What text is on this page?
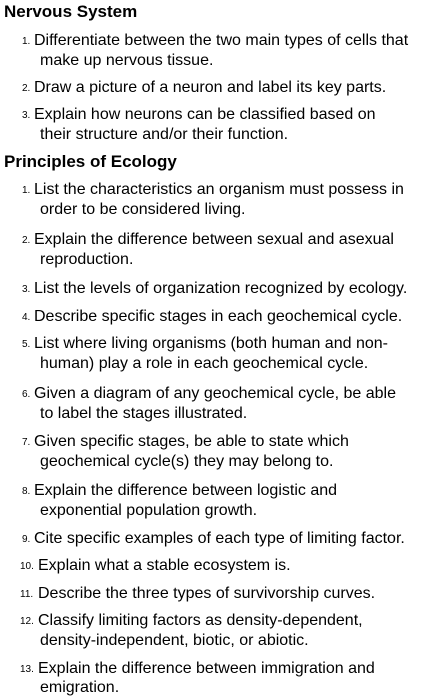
Nervous System
1. Differentiate between the two main types of cells that
make up nervous tissue.
2. Draw a picture of a neuron and label its key parts.
3. Explain how neurons can be classified based on
their structure and/or their function.
Principles of Ecology
1. List the characteristics an organism must possess in
order to be considered living.
2. Explain the difference between sexual and asexual
reproduction.
3. List the levels of organization recognized by ecology.
4. Describe specific stages in each geochemical cycle.
5. List where living organisms (both human and non-
human) play a role in each geochemical cycle.
6. Given a diagram of any geochemical cycle, be able
to label the stages illustrated.
7. Given specific stages, be able to state which
geochemical cycle(s) they may belong to.
8. Explain the difference between logistic and
exponential population growth.
9. Cite specific examples of each type of limiting factor.
10. Explain what a stable ecosystem is.
11. Describe the three types of survivorship curves.
12. Classify limiting factors as density-dependent,
density-independent, biotic, or abiotic.
13. Explain the difference between immigration and
emigration.
